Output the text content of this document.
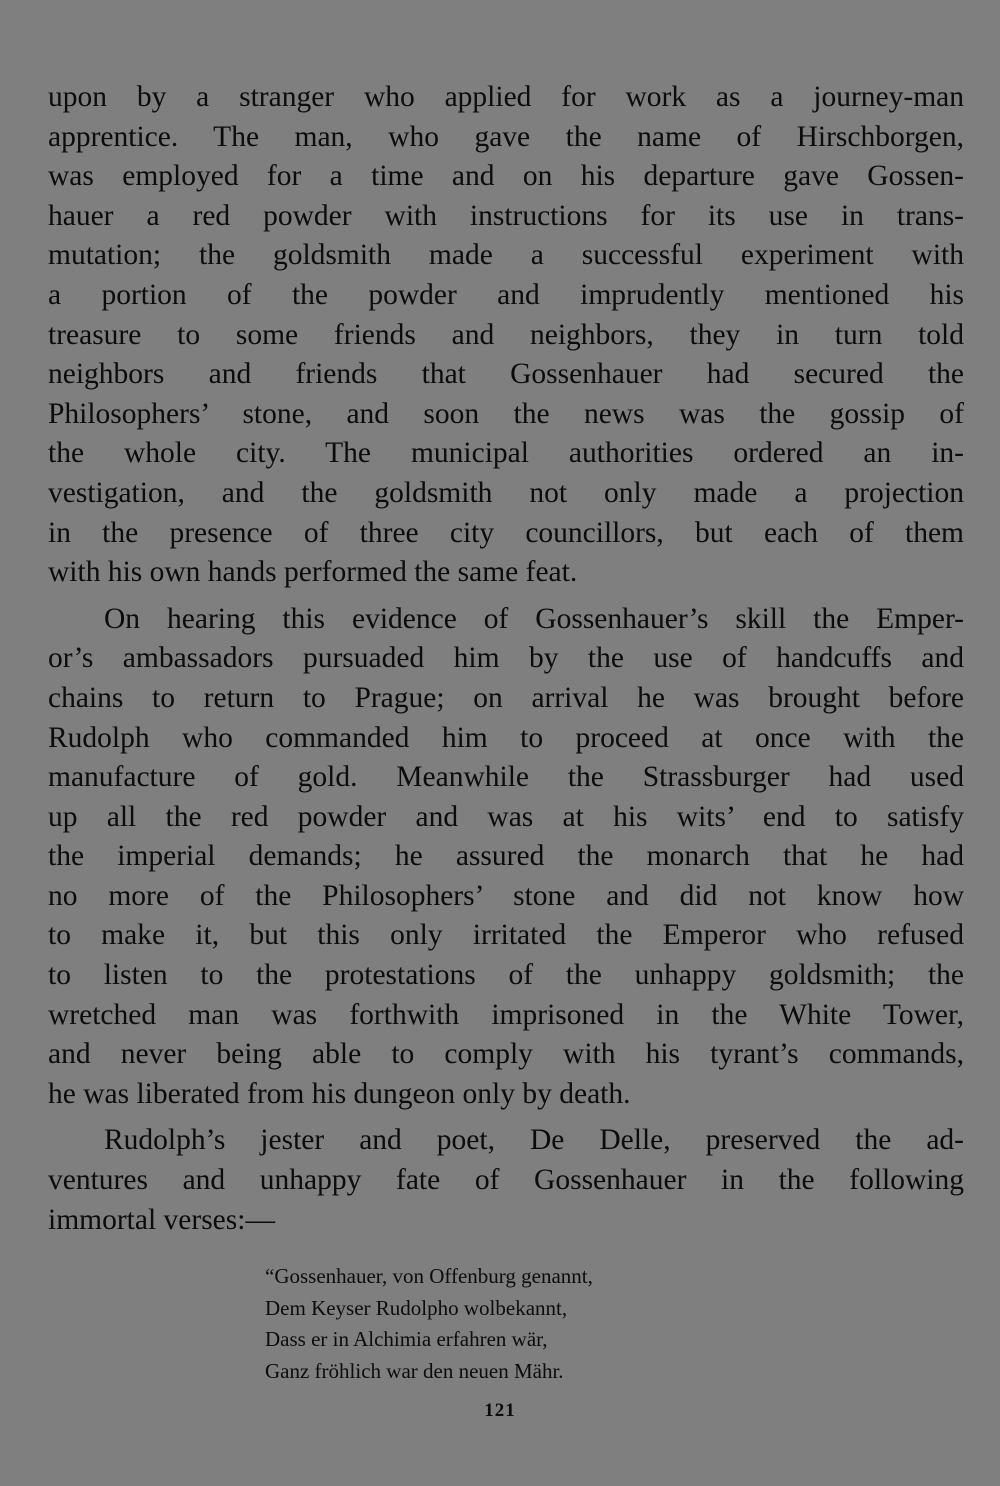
upon by a stranger who applied for work as a journey-man
apprentice. The man, who gave the name of Hirschborgen,
was employed for a time and on his departure gave Gossen-
hauer a red powder with instructions for its use in trans-
mutation; the goldsmith made a successful experiment with
a portion of the powder and imprudently mentioned his
treasure to some friends and neighbors, they in turn told
neighbors and friends that Gossenhauer had secured the
Philosophers’ stone, and soon the news was the gossip of
the whole city. The municipal authorities ordered an in-
vestigation, and the goldsmith not only made a projection
in the presence of three city councillors, but each of them
with his own hands performed the same feat.

On hearing this evidence of Gossenhauer’s skill the Emper-
or’s ambassadors pursuaded him by the use of handcuffs and
chains to return to Prague; on arrival he was brought before
Rudolph who commanded him to proceed at once with the
manufacture of gold. Meanwhile the Strassburger had used
up all the red powder and was at his wits’ end to satisfy
the imperial demands; he assured the monarch that he had
no more of the Philosophers’ stone and did not know how
to make it, but this only irritated the Emperor who refused
to listen to the protestations of the unhappy goldsmith; the
wretched man was forthwith imprisoned in the White Tower,
and never being able to comply with his tyrant’s commands,
he was liberated from his dungeon only by death.

Rudolph’s jester and poet, De Delle, preserved the ad-
ventures and unhappy fate of Gossenhauer in the following
immortal verses:—

“Gossenhauer, von Offenburg genannt,
Dem Keyser Rudolpho wolbekannt,
Dass er in Alchimia erfahren wär,
Ganz fröhlich war den neuen Mähr.
121
